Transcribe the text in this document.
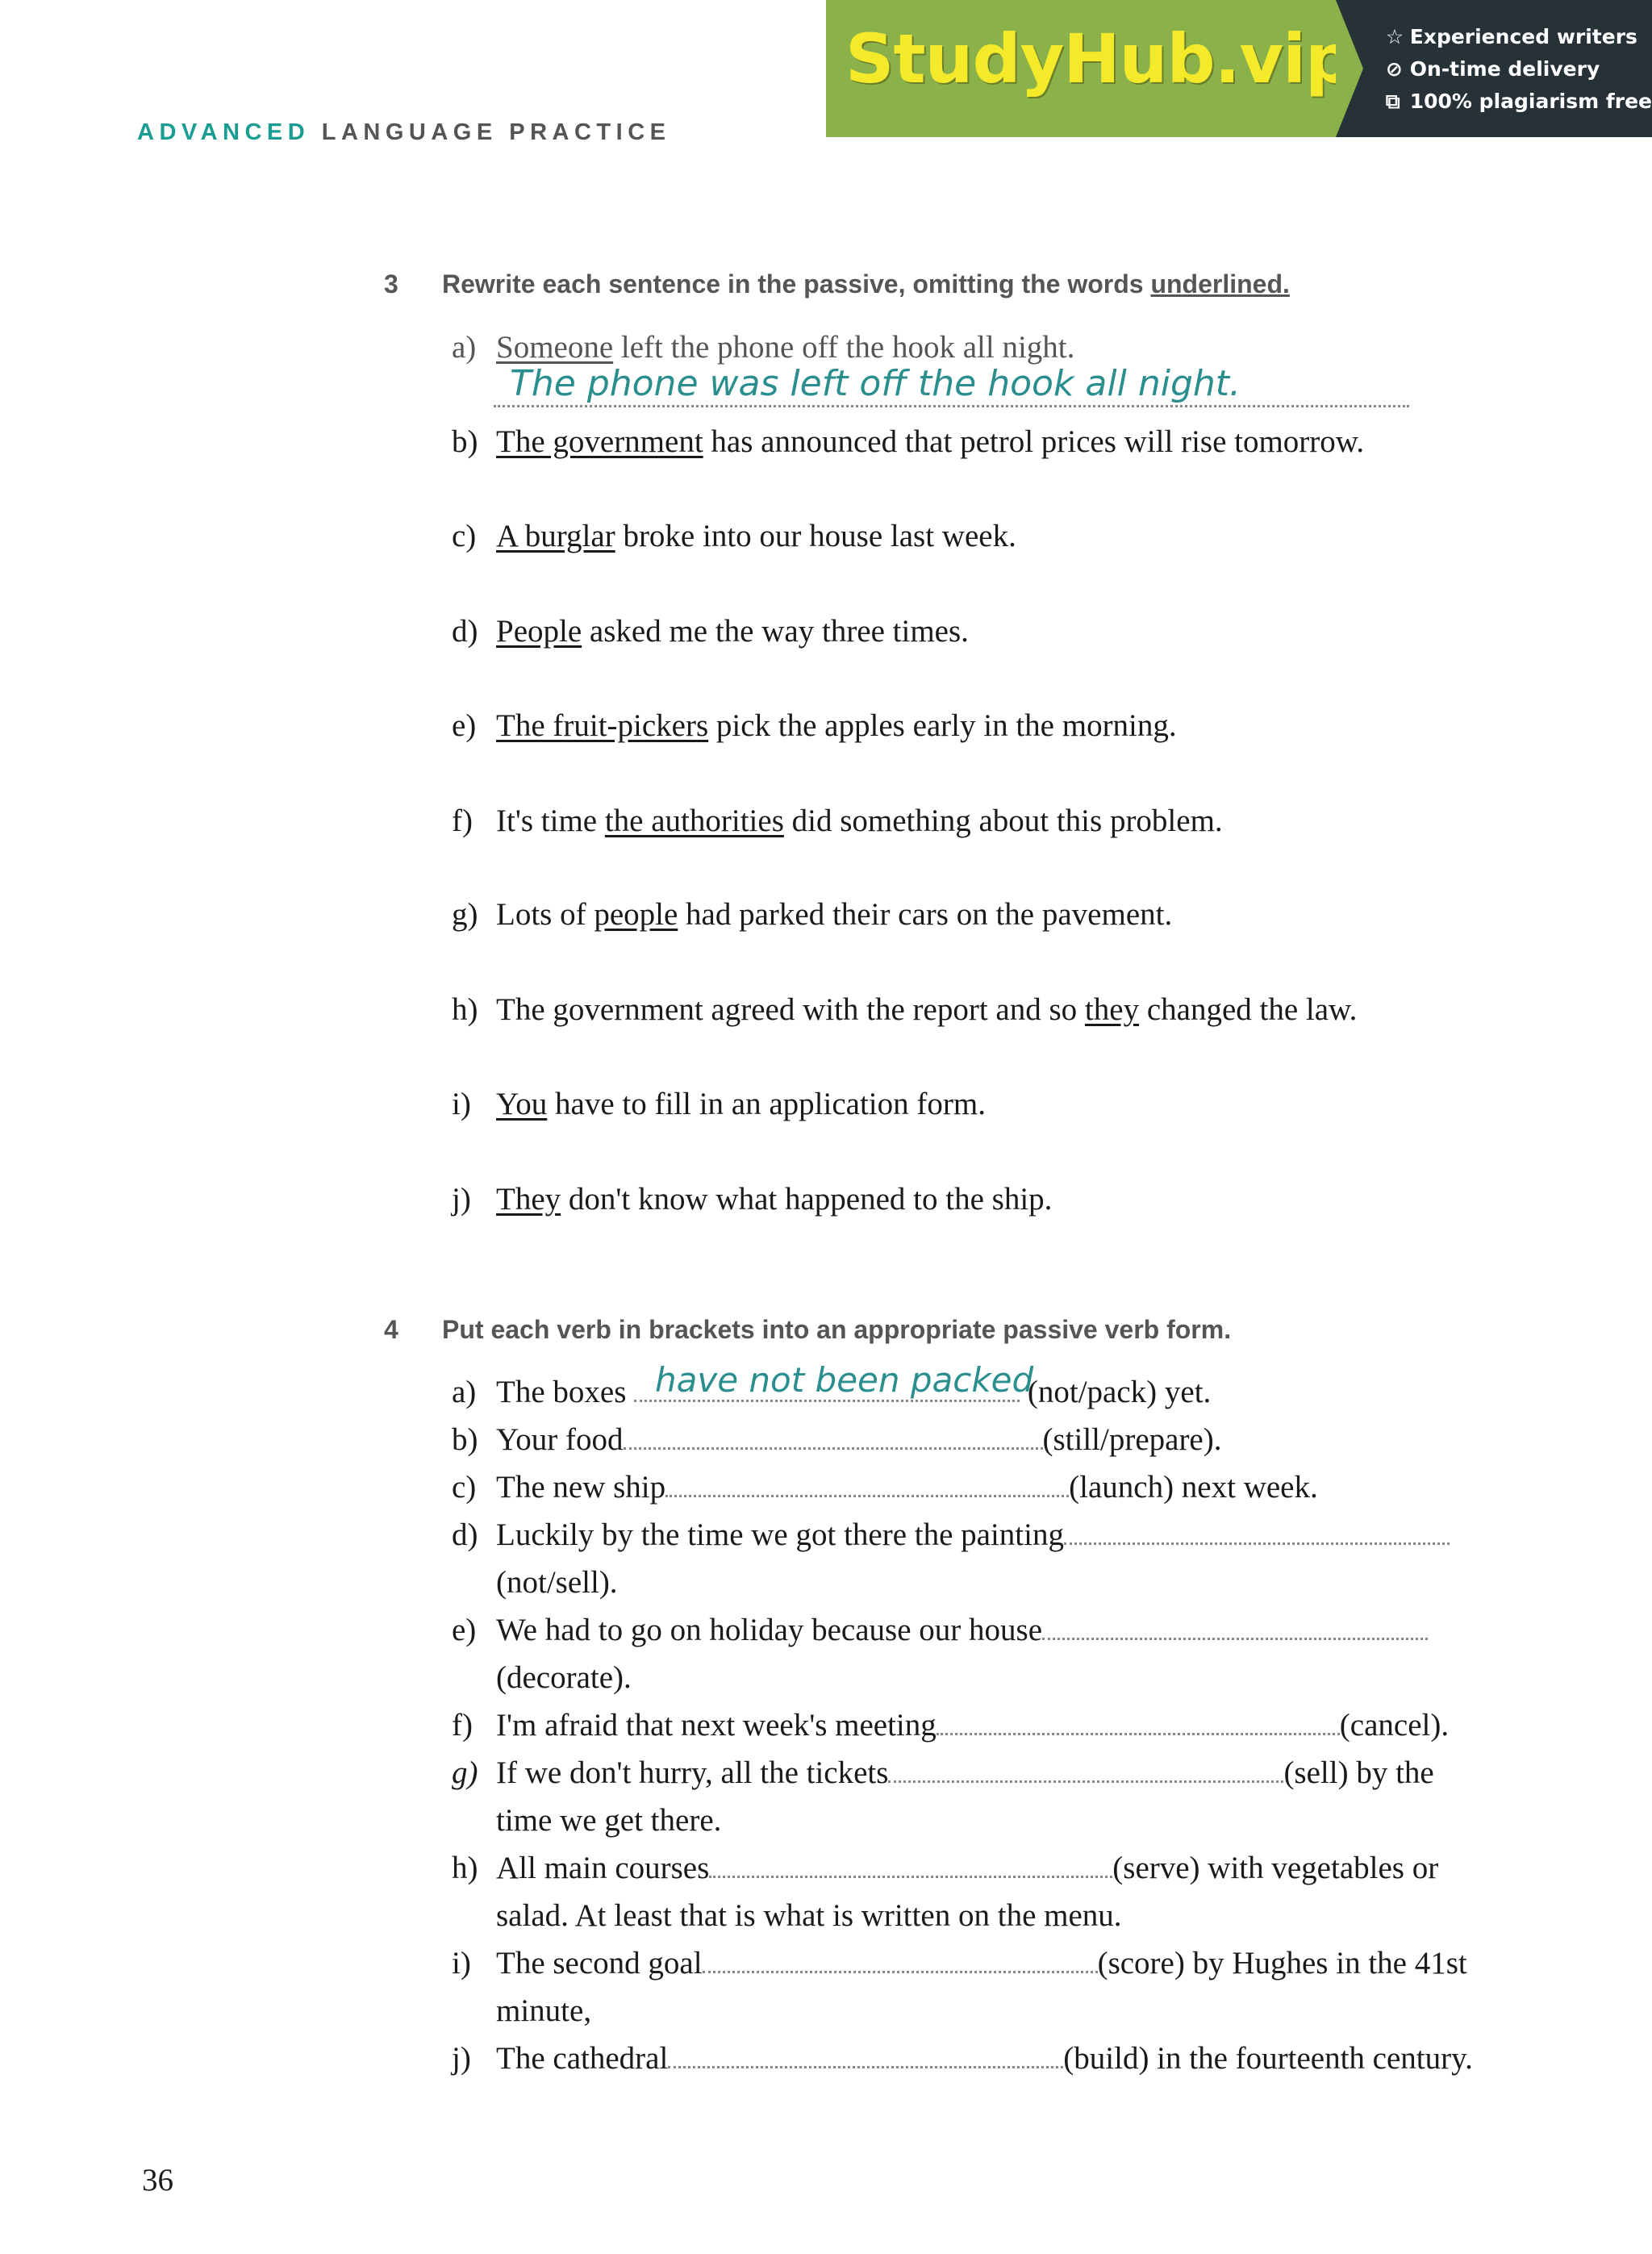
ADVANCED LANGUAGE PRACTICE
StudyHub.vip ☆ Experienced writers
⊘ On-time delivery
⧉ 100% plagiarism free
3 Rewrite each sentence in the passive, omitting the words underlined.
a) Someone left the phone off the hook all night.
The phone was left off the hook all night.
b) The government has announced that petrol prices will rise tomorrow.
c) A burglar broke into our house last week.
d) People asked me the way three times.
e) The fruit-pickers pick the apples early in the morning.
f) It's time the authorities did something about this problem.
g) Lots of people had parked their cars on the pavement.
h) The government agreed with the report and so they changed the law.
i) You have to fill in an application form.
j) They don't know what happened to the ship.
4 Put each verb in brackets into an appropriate passive verb form.
a) The boxes	(not/pack) yet.
have not been packed
b) Your food	(still/prepare).
c) The new ship	(launch) next week.
d) Luckily by the time we got there the painting
(not/sell).
e) We had to go on holiday because our house
(decorate).
f) I'm afraid that next week's meeting	(cancel).
g) If we don't hurry, all the tickets	(sell) by the
time we get there.
h) All main courses	(serve) with vegetables or
salad. At least that is what is written on the menu.
i) The second goal	(score) by Hughes in the 41st
minute,
j) The cathedral	(build) in the fourteenth century.
36
